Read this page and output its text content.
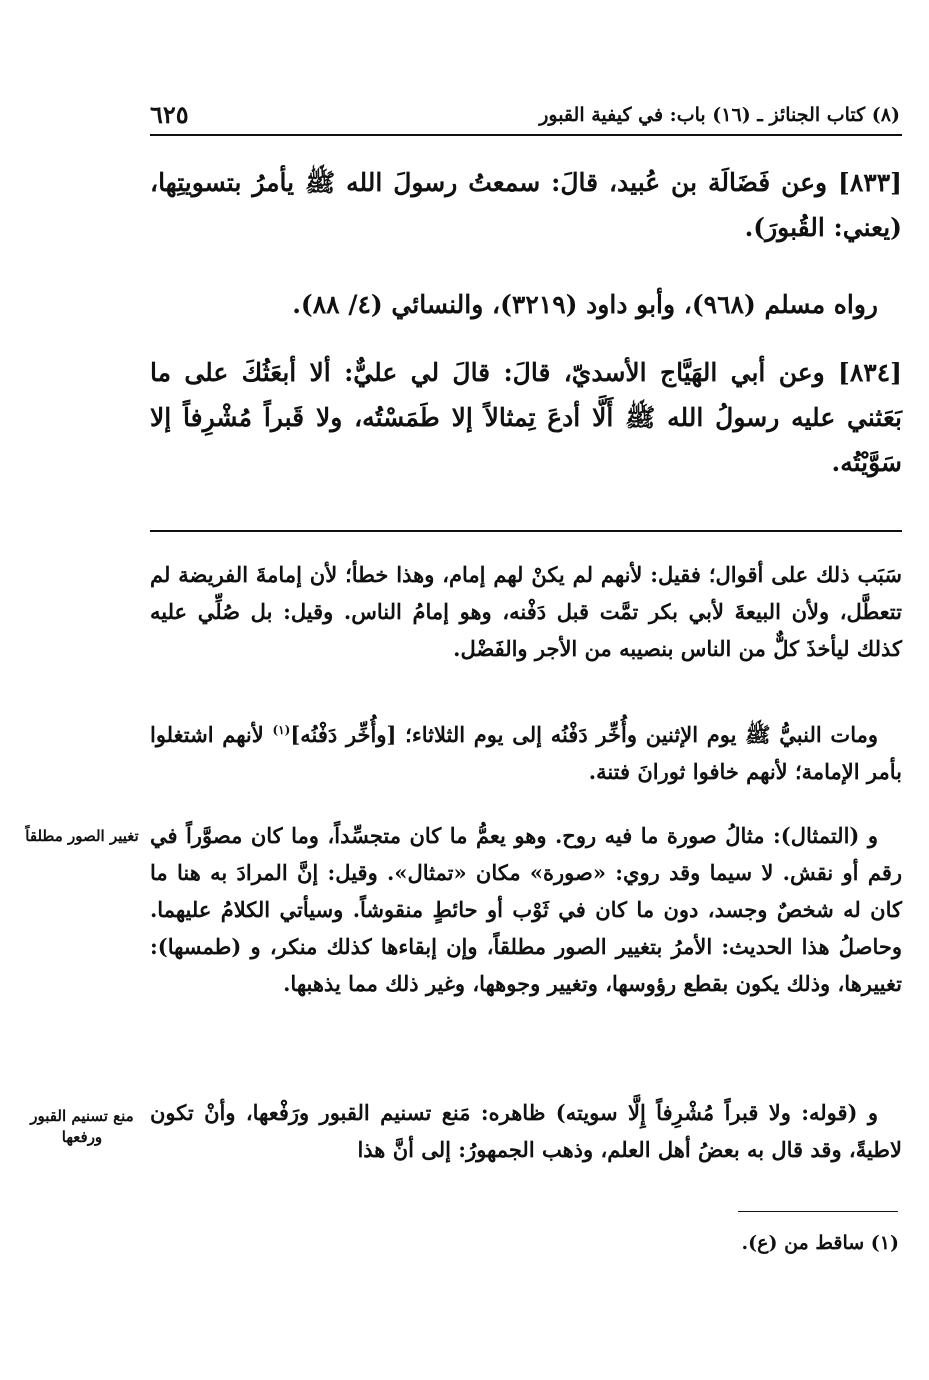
(٨) كتاب الجنائز ـ (١٦) باب: في كيفية القبور
٦٢٥
[٨٣٣] وعن فَضَالَة بن عُبيد، قالَ: سمعتُ رسولَ الله ﷺ يأمرُ بتسويتِها، (يعني: القُبورَ).
رواه مسلم (٩٦٨)، وأبو داود (٣٢١٩)، والنسائي (٤/ ٨٨).
[٨٣٤] وعن أبي الهَيَّاج الأسديّ، قالَ: قالَ لي عليٌّ: ألا أبعَثُكَ على ما بَعَثني عليه رسولُ الله ﷺ أَلَّا أدعَ تِمثالاً إلا طَمَسْتُه، ولا قَبراً مُشْرِفاً إلا سَوَّيْتُه.
سَبَب ذلك على أقوال؛ فقيل: لأنهم لم يكنْ لهم إمام، وهذا خطأ؛ لأن إمامةَ الفريضة لم تتعطَّل، ولأن البيعةَ لأبي بكر تمَّت قبل دَفْنه، وهو إمامُ الناس. وقيل: بل صُلِّي عليه كذلك ليأخذَ كلٌّ من الناس بنصيبه من الأجر والفَضْل.
ومات النبيُّ ﷺ يوم الإثنين وأُخِّر دَفْنُه إلى يوم الثلاثاء؛ [وأُخِّر دَفْنُه]$^{(١)}$ لأنهم اشتغلوا بأمر الإمامة؛ لأنهم خافوا ثورانَ فتنة.
و (التمثال): مثالُ صورة ما فيه روح. وهو يعمُّ ما كان متجسِّداً، وما كان مصوَّراً في رقم أو نقش. لا سيما وقد روي: «صورة» مكان «تمثال». وقيل: إنَّ المرادَ به هنا ما كان له شخصٌ وجسد، دون ما كان في ثَوْب أو حائطٍ منقوشاً. وسيأتي الكلامُ عليهما. وحاصلُ هذا الحديث: الأمرُ بتغيير الصور مطلقاً، وإن إبقاءها كذلك منكر، و (طمسها): تغييرها، وذلك يكون بقطع رؤوسها، وتغيير وجوهها، وغير ذلك مما يذهبها.
و (قوله: ولا قبراً مُشْرِفاً إِلَّا سويته) ظاهره: مَنع تسنيم القبور ورَفْعها، وأنْ تكون لاطيةً، وقد قال به بعضُ أهل العلم، وذهب الجمهورُ: إلى أنَّ هذا
تغيير الصور مطلقاً
منع تسنيم القبور ورفعها
(١) ساقط من (ع).
